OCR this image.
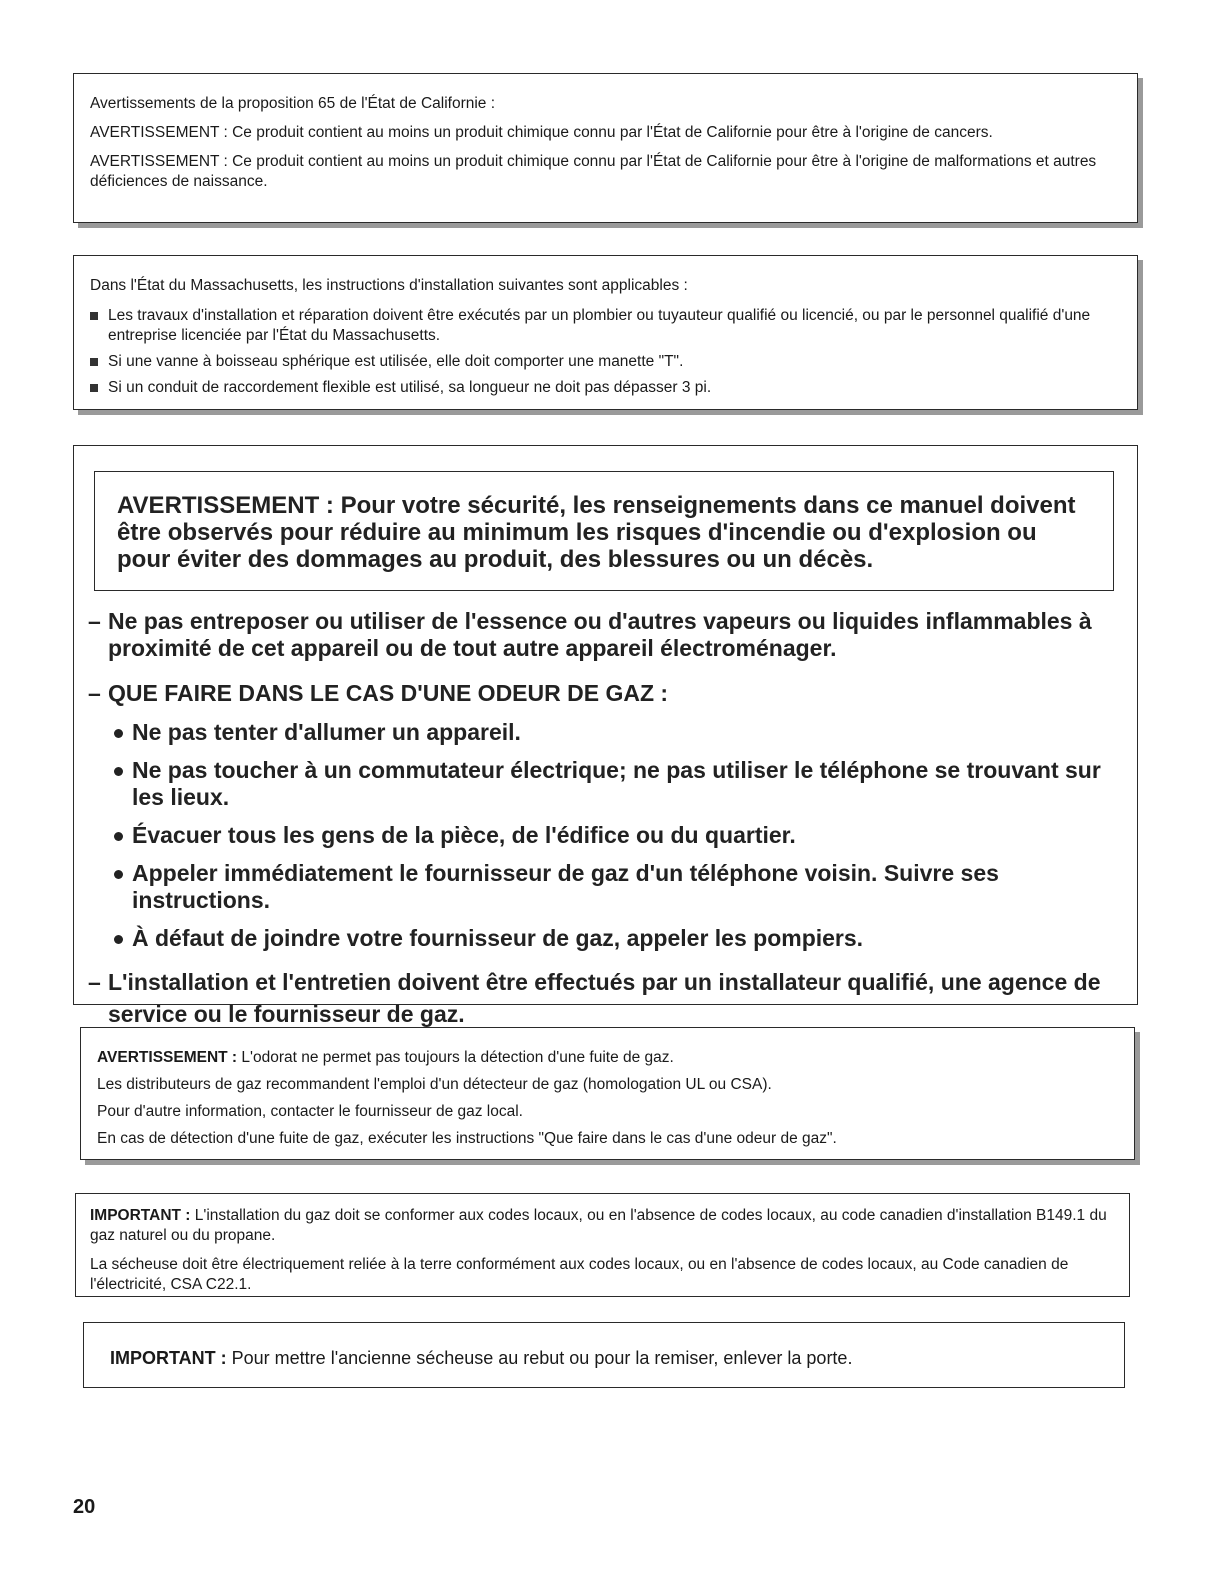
Avertissements de la proposition 65 de l'État de Californie :

AVERTISSEMENT : Ce produit contient au moins un produit chimique connu par l'État de Californie pour être à l'origine de cancers.

AVERTISSEMENT : Ce produit contient au moins un produit chimique connu par l'État de Californie pour être à l'origine de malformations et autres déficiences de naissance.

Dans l'État du Massachusetts, les instructions d'installation suivantes sont applicables :

Les travaux d'installation et réparation doivent être exécutés par un plombier ou tuyauteur qualifié ou licencié, ou par le personnel qualifié d'une entreprise licenciée par l'État du Massachusetts.
Si une vanne à boisseau sphérique est utilisée, elle doit comporter une manette "T".
Si un conduit de raccordement flexible est utilisé, sa longueur ne doit pas dépasser 3 pi.

AVERTISSEMENT : Pour votre sécurité, les renseignements dans ce manuel doivent être observés pour réduire au minimum les risques d'incendie ou d'explosion ou pour éviter des dommages au produit, des blessures ou un décès.

– Ne pas entreposer ou utiliser de l'essence ou d'autres vapeurs ou liquides inflammables à proximité de cet appareil ou de tout autre appareil électroménager.
– QUE FAIRE DANS LE CAS D'UNE ODEUR DE GAZ :
Ne pas tenter d'allumer un appareil.
Ne pas toucher à un commutateur électrique; ne pas utiliser le téléphone se trouvant sur les lieux.
Évacuer tous les gens de la pièce, de l'édifice ou du quartier.
Appeler immédiatement le fournisseur de gaz d'un téléphone voisin. Suivre ses instructions.
À défaut de joindre votre fournisseur de gaz, appeler les pompiers.
– L'installation et l'entretien doivent être effectués par un installateur qualifié, une agence de service ou le fournisseur de gaz.

AVERTISSEMENT : L'odorat ne permet pas toujours la détection d'une fuite de gaz.

Les distributeurs de gaz recommandent l'emploi d'un détecteur de gaz (homologation UL ou CSA).

Pour d'autre information, contacter le fournisseur de gaz local.

En cas de détection d'une fuite de gaz, exécuter les instructions "Que faire dans le cas d'une odeur de gaz".

IMPORTANT : L'installation du gaz doit se conformer aux codes locaux, ou en l'absence de codes locaux, au code canadien d'installation B149.1 du gaz naturel ou du propane.

La sécheuse doit être électriquement reliée à la terre conformément aux codes locaux, ou en l'absence de codes locaux, au Code canadien de l'électricité, CSA C22.1.

IMPORTANT : Pour mettre l'ancienne sécheuse au rebut ou pour la remiser, enlever la porte.

20
